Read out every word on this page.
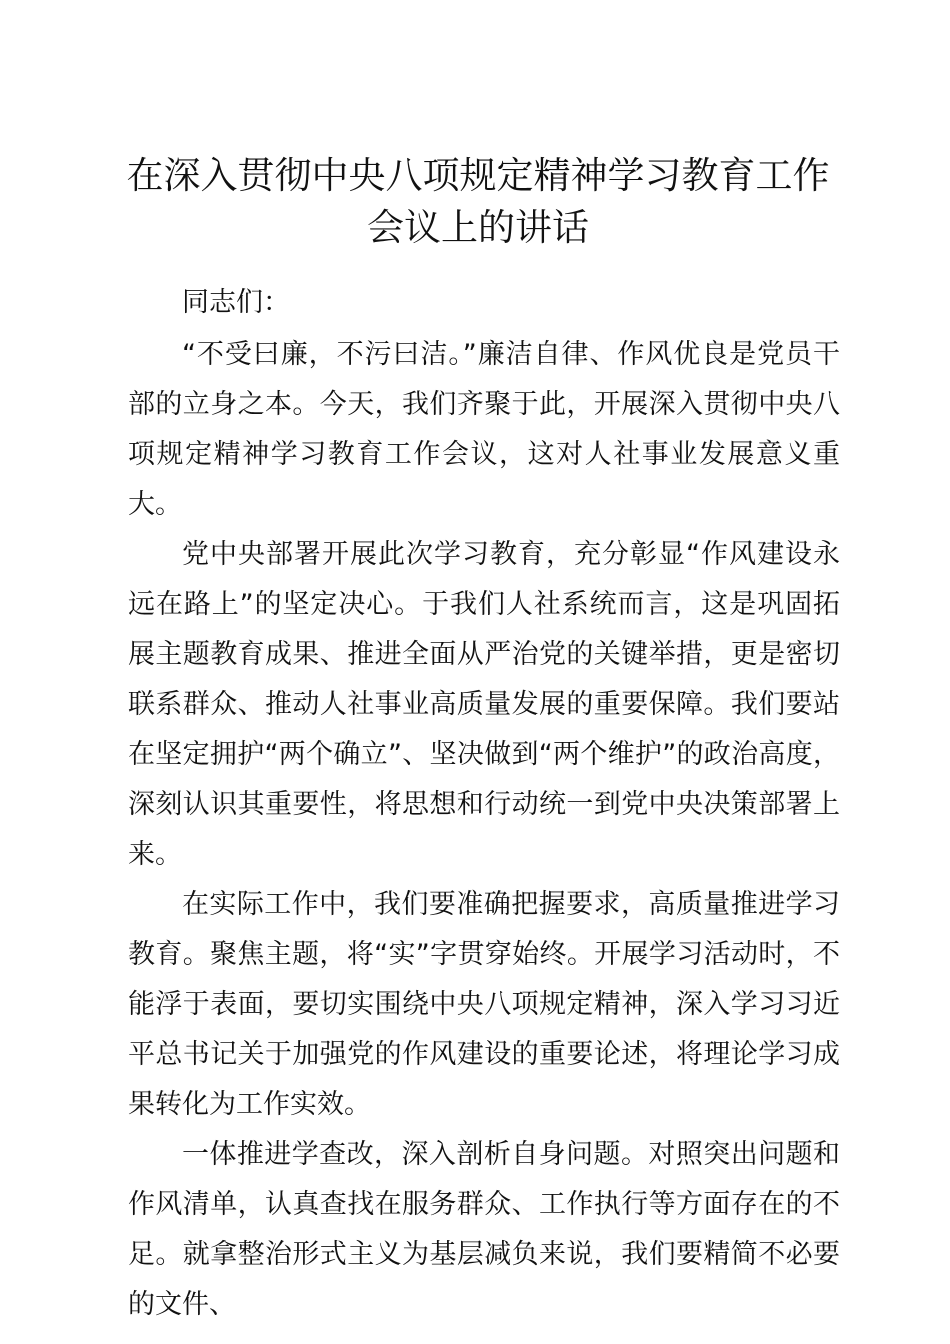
在深入贯彻中央八项规定精神学习教育工作会议上的讲话

同志们：

“不受曰廉，不污曰洁。”廉洁自律、作风优良是党员干部的立身之本。今天，我们齐聚于此，开展深入贯彻中央八项规定精神学习教育工作会议，这对人社事业发展意义重大。

党中央部署开展此次学习教育，充分彰显“作风建设永远在路上”的坚定决心。于我们人社系统而言，这是巩固拓展主题教育成果、推进全面从严治党的关键举措，更是密切联系群众、推动人社事业高质量发展的重要保障。我们要站在坚定拥护“两个确立”、坚决做到“两个维护”的政治高度，深刻认识其重要性，将思想和行动统一到党中央决策部署上来。

在实际工作中，我们要准确把握要求，高质量推进学习教育。聚焦主题，将“实”字贯穿始终。开展学习活动时，不能浮于表面，要切实围绕中央八项规定精神，深入学习习近平总书记关于加强党的作风建设的重要论述，将理论学习成果转化为工作实效。

一体推进学查改，深入剖析自身问题。对照突出问题和作风清单，认真查找在服务群众、工作执行等方面存在的不足。就拿整治形式主义为基层减负来说，我们要精简不必要的文件、
